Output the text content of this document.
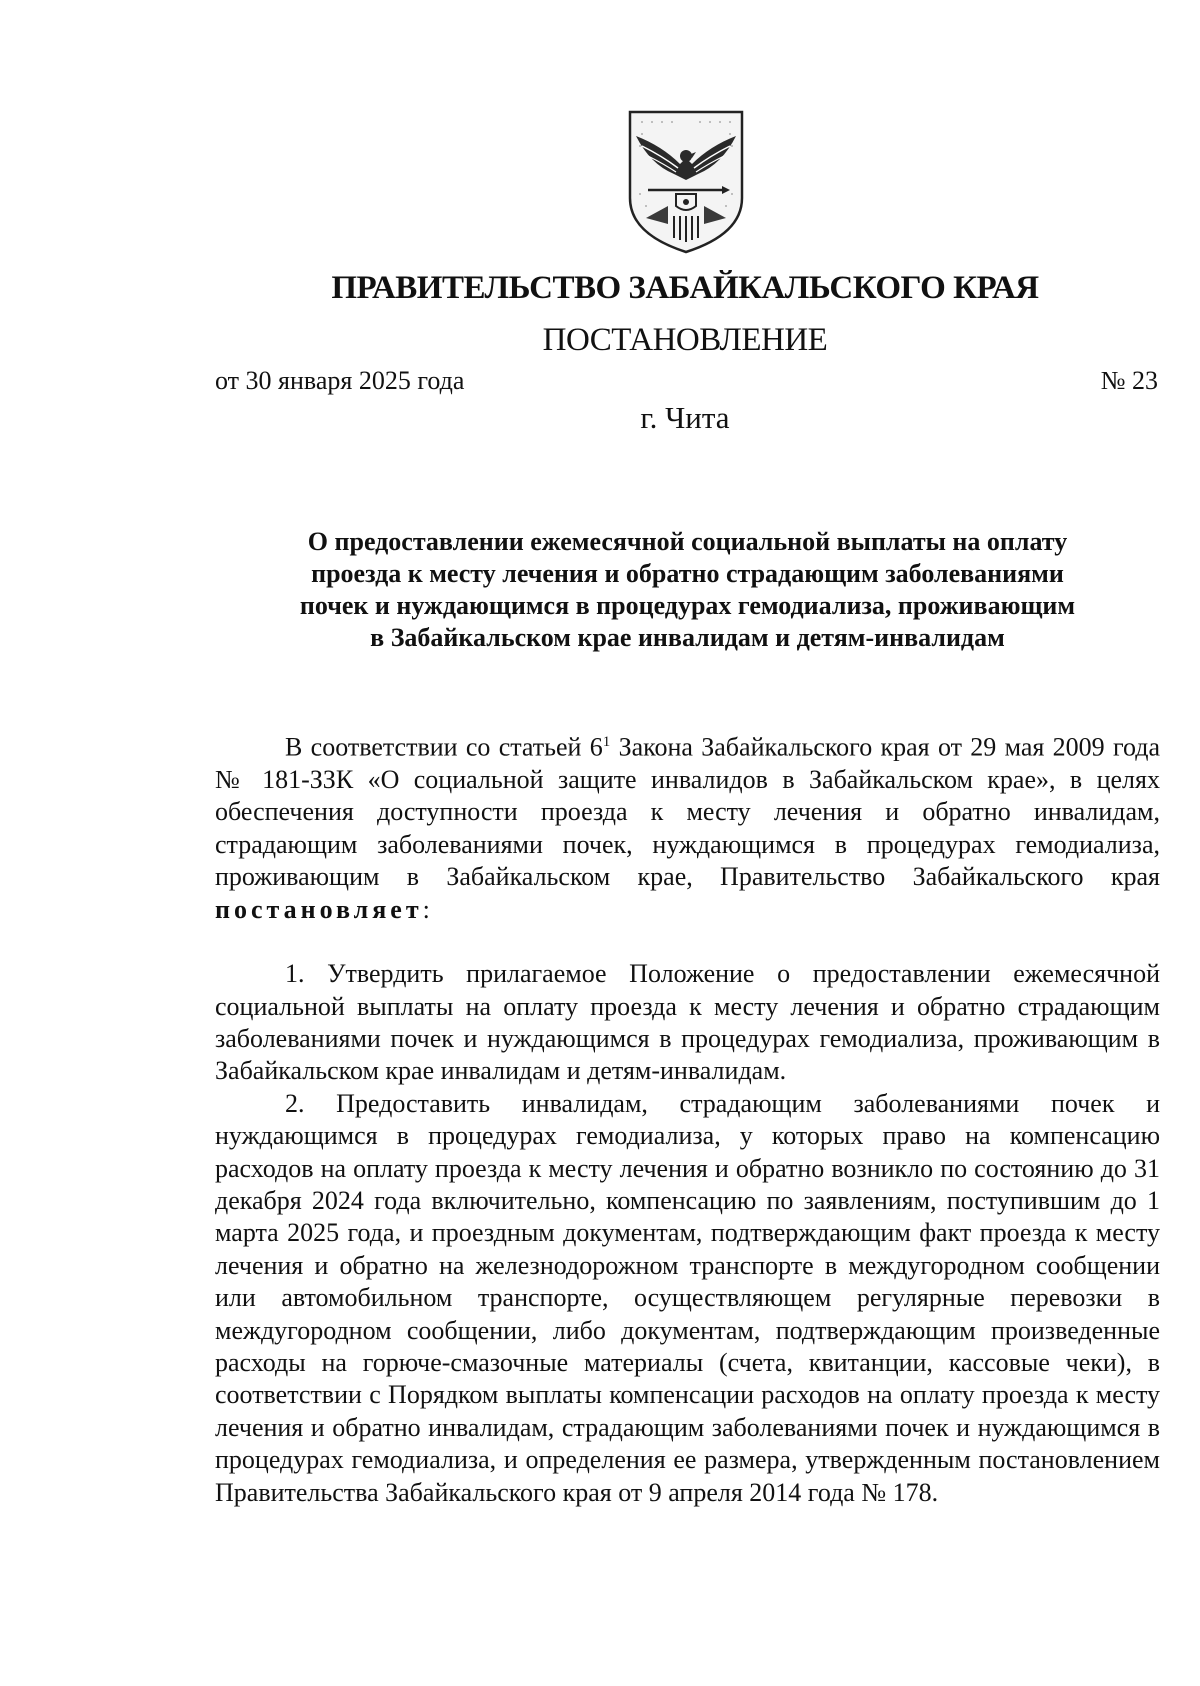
ПРАВИТЕЛЬСТВО ЗАБАЙКАЛЬСКОГО КРАЯ
ПОСТАНОВЛЕНИЕ
от 30 января 2025 года	№ 23
г. Чита
О предоставлении ежемесячной социальной выплаты на оплату
проезда к месту лечения и обратно страдающим заболеваниями
почек и нуждающимся в процедурах гемодиализа, проживающим
в Забайкальском крае инвалидам и детям-инвалидам

В соответствии со статьей $6^1$ Закона Забайкальского края от 29 мая 2009 года № 181-ЗЗК «О социальной защите инвалидов в Забайкальском крае», в целях обеспечения доступности проезда к месту лечения и обратно инвалидам, страдающим заболеваниями почек, нуждающимся в процедурах гемодиализа, проживающим в Забайкальском крае, Правительство Забайкальского края постановляет:

1. Утвердить прилагаемое Положение о предоставлении ежемесячной социальной выплаты на оплату проезда к месту лечения и обратно страдающим заболеваниями почек и нуждающимся в процедурах гемодиализа, проживающим в Забайкальском крае инвалидам и детям-инвалидам.

2. Предоставить инвалидам, страдающим заболеваниями почек и нуждающимся в процедурах гемодиализа, у которых право на компенсацию расходов на оплату проезда к месту лечения и обратно возникло по состоянию до 31 декабря 2024 года включительно, компенсацию по заявлениям, поступившим до 1 марта 2025 года, и проездным документам, подтверждающим факт проезда к месту лечения и обратно на железнодорожном транспорте в междугородном сообщении или автомобильном транспорте, осуществляющем регулярные перевозки в междугородном сообщении, либо документам, подтверждающим произведенные расходы на горюче-смазочные материалы (счета, квитанции, кассовые чеки), в соответствии с Порядком выплаты компенсации расходов на оплату проезда к месту лечения и обратно инвалидам, страдающим заболеваниями почек и нуждающимся в процедурах гемодиализа, и определения ее размера, утвержденным постановлением Правительства Забайкальского края от 9 апреля 2014 года № 178.
